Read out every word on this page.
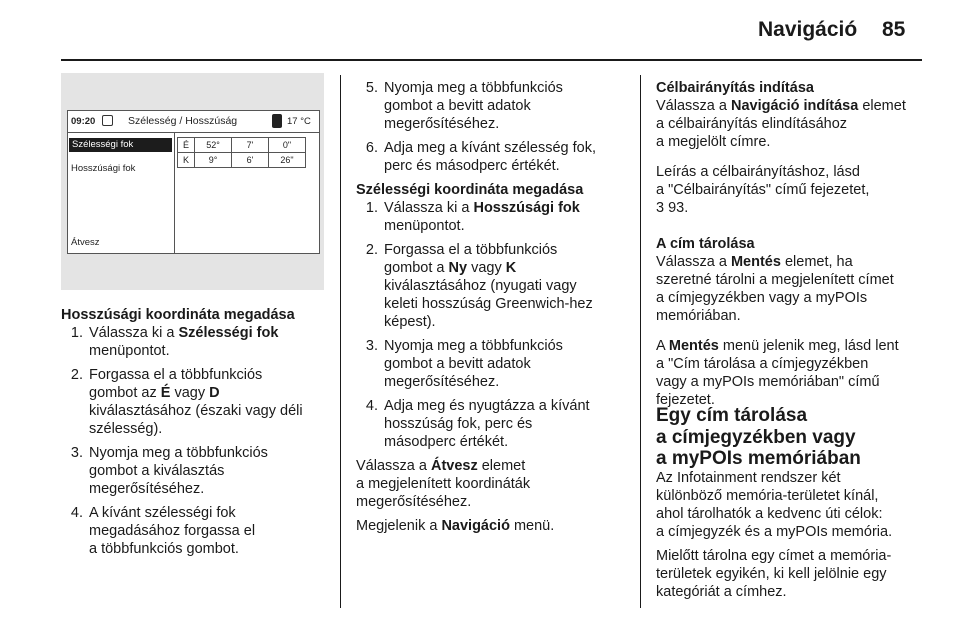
Navigáció 85
09:20	Szélesség / Hosszúság	17 °C
Szélességi fok
Hosszúsági fok
Átvesz
É	52°	7'	0"
K	9°	6'	26"
Hosszúsági koordináta megadása
1. Válassza ki a Szélességi fok
menüpontot.
2. Forgassa el a többfunkciós
gombot az É vagy D
kiválasztásához (északi vagy déli
szélesség).
3. Nyomja meg a többfunkciós
gombot a kiválasztás
megerősítéséhez.
4. A kívánt szélességi fok
megadásához forgassa el
a többfunkciós gombot.
5. Nyomja meg a többfunkciós
gombot a bevitt adatok
megerősítéséhez.
6. Adja meg a kívánt szélesség fok,
perc és másodperc értékét.
Szélességi koordináta megadása
1. Válassza ki a Hosszúsági fok
menüpontot.
2. Forgassa el a többfunkciós
gombot a Ny vagy K
kiválasztásához (nyugati vagy
keleti hosszúság Greenwich-hez
képest).
3. Nyomja meg a többfunkciós
gombot a bevitt adatok
megerősítéséhez.
4. Adja meg és nyugtázza a kívánt
hosszúság fok, perc és
másodperc értékét.
Válassza a Átvesz elemet
a megjelenített koordináták
megerősítéséhez.
Megjelenik a Navigáció menü.
Célbairányítás indítása
Válassza a Navigáció indítása elemet
a célbairányítás elindításához
a megjelölt címre.
Leírás a célbairányításhoz, lásd
a "Célbairányítás" című fejezetet,
3 93.
A cím tárolása
Válassza a Mentés elemet, ha
szeretné tárolni a megjelenített címet
a címjegyzékben vagy a myPOIs
memóriában.
A Mentés menü jelenik meg, lásd lent
a "Cím tárolása a címjegyzékben
vagy a myPOIs memóriában" című
fejezetet.
Egy cím tárolása
a címjegyzékben vagy
a myPOIs memóriában
Az Infotainment rendszer két
különböző memória-területet kínál,
ahol tárolhatók a kedvenc úti célok:
a címjegyzék és a myPOIs memória.
Mielőtt tárolna egy címet a memória-
területek egyikén, ki kell jelölnie egy
kategóriát a címhez.
